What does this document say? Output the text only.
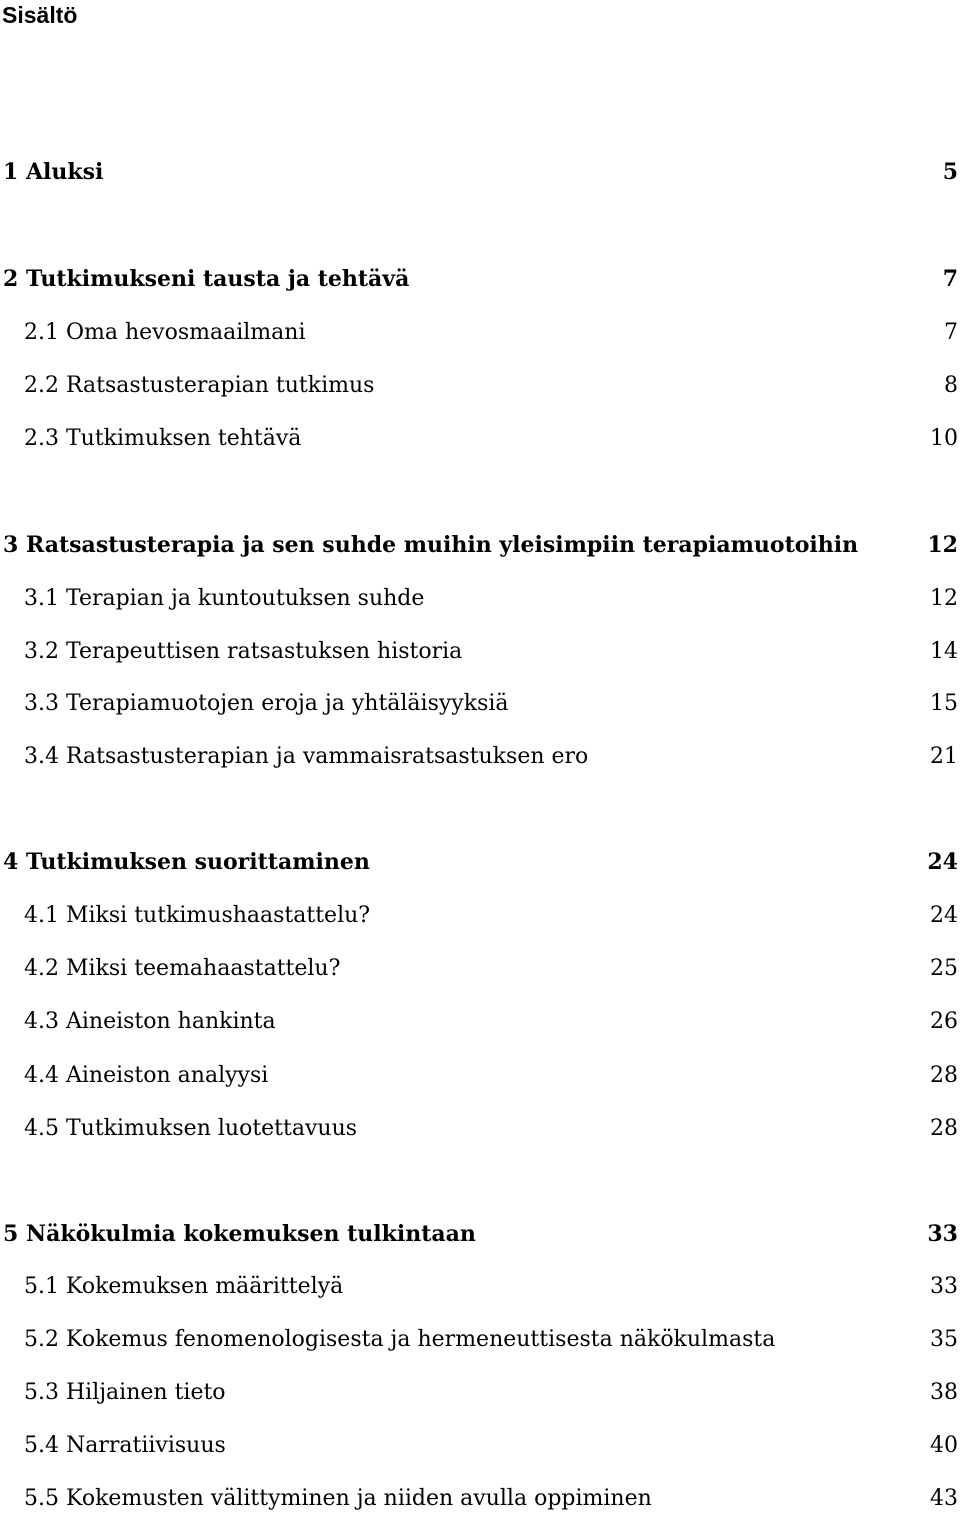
Sisältö
1 Aluksi	5
2 Tutkimukseni tausta ja tehtävä	7
2.1 Oma hevosmaailmani	7
2.2 Ratsastusterapian tutkimus	8
2.3 Tutkimuksen tehtävä	10
3 Ratsastusterapia ja sen suhde muihin yleisimpiin terapiamuotoihin	12
3.1 Terapian ja kuntoutuksen suhde	12
3.2 Terapeuttisen ratsastuksen historia	14
3.3 Terapiamuotojen eroja ja yhtäläisyyksiä	15
3.4 Ratsastusterapian ja vammaisratsastuksen ero	21
4 Tutkimuksen suorittaminen	24
4.1 Miksi tutkimushaastattelu?	24
4.2 Miksi teemahaastattelu?	25
4.3 Aineiston hankinta	26
4.4 Aineiston analyysi	28
4.5 Tutkimuksen luotettavuus	28
5 Näkökulmia kokemuksen tulkintaan	33
5.1 Kokemuksen määrittelyä	33
5.2 Kokemus fenomenologisesta ja hermeneuttisesta näkökulmasta	35
5.3 Hiljainen tieto	38
5.4 Narratiivisuus	40
5.5 Kokemusten välittyminen ja niiden avulla oppiminen	43
